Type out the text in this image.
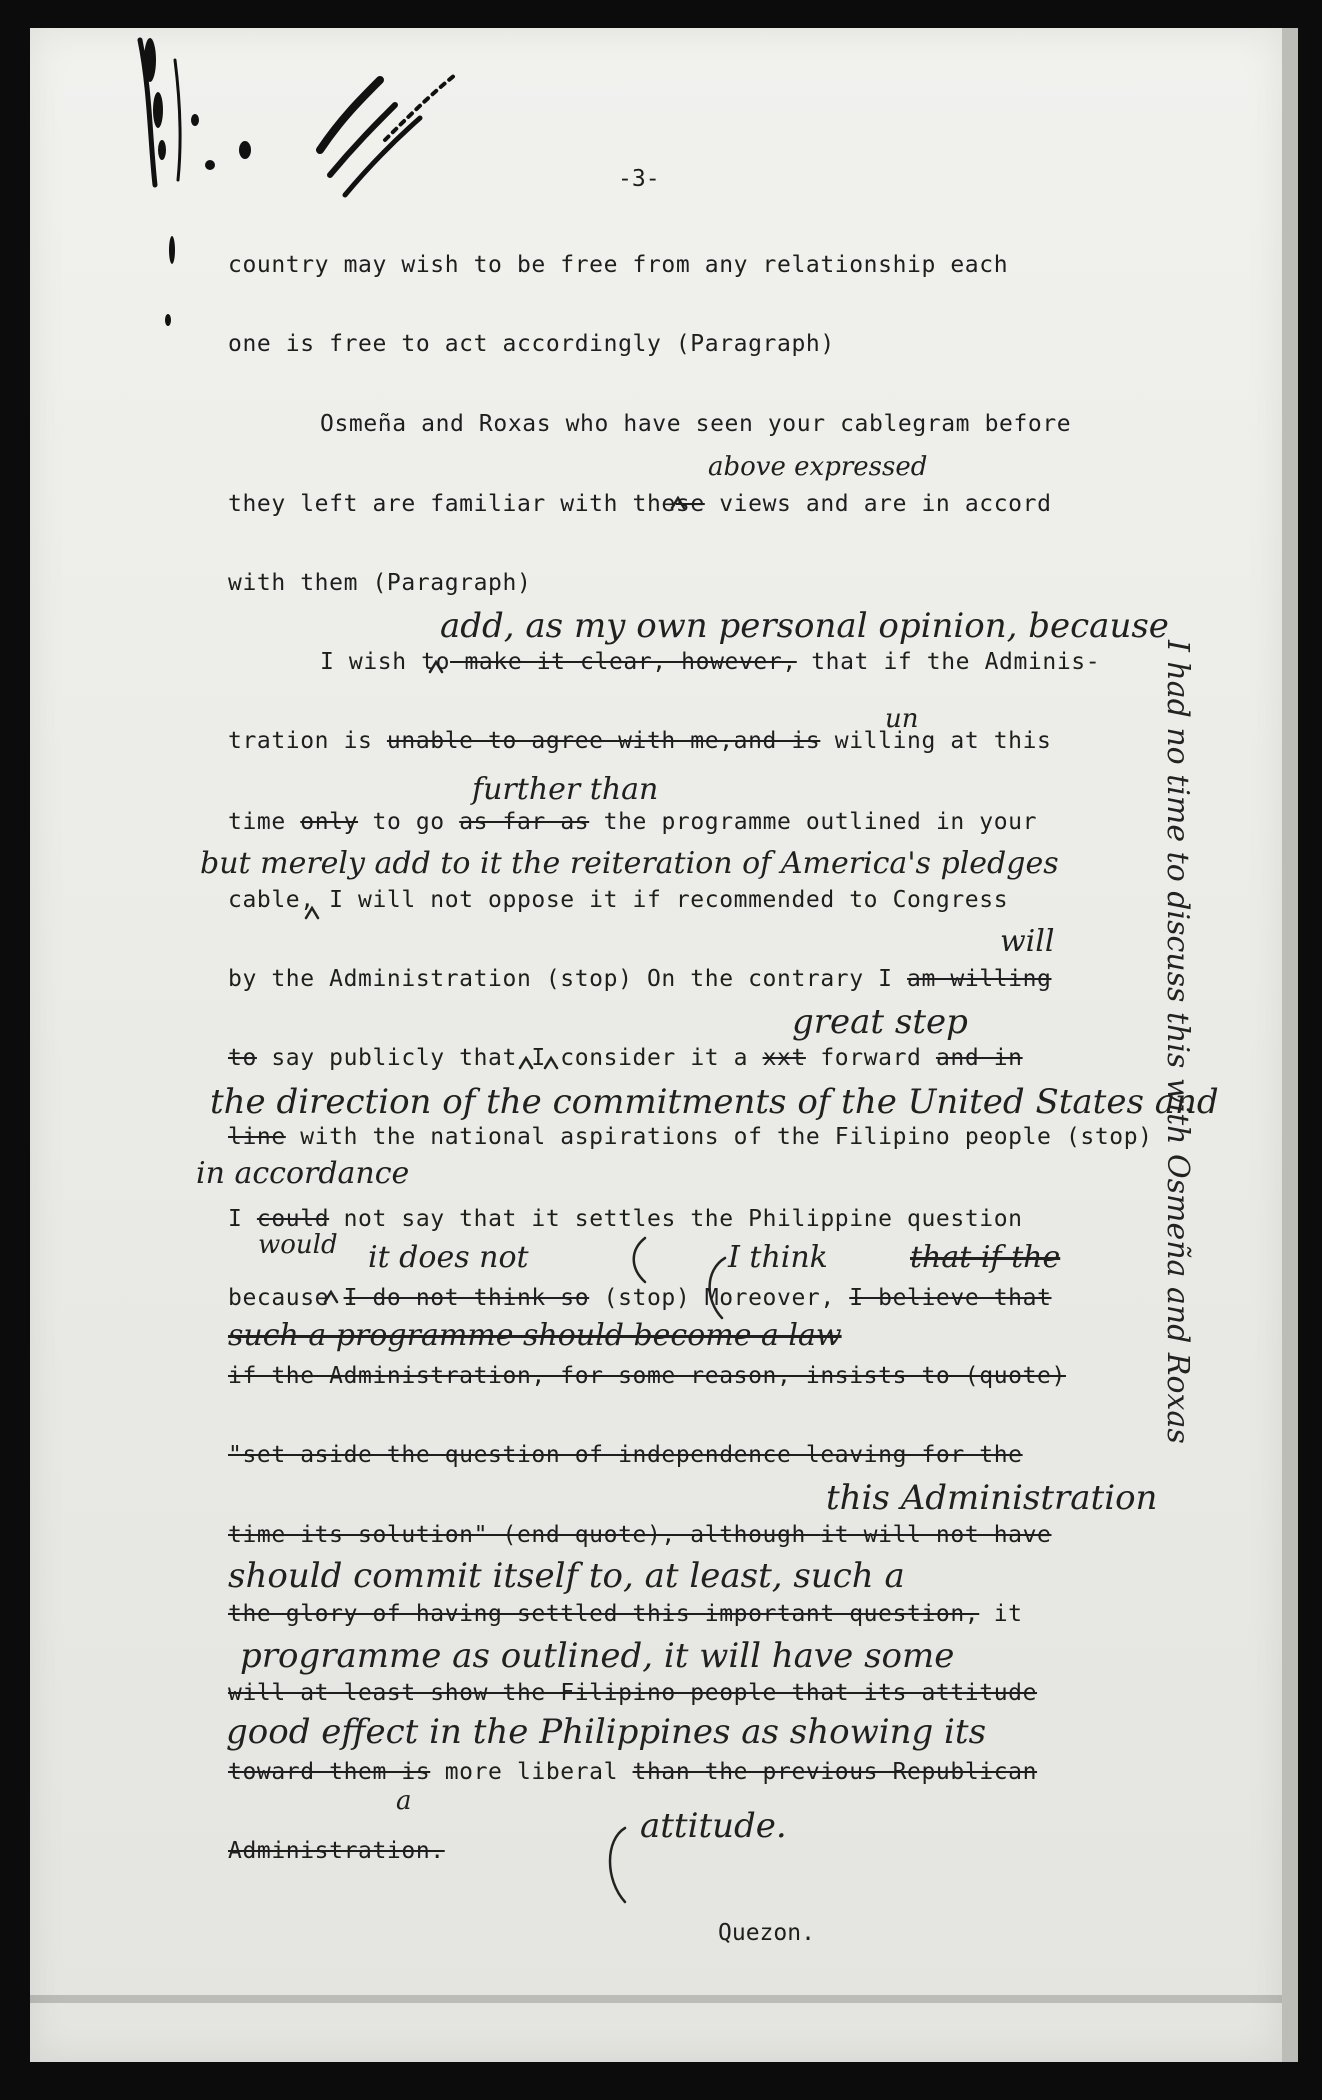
-3-
country may wish to be free from any relationship each
one is free to act accordingly (Paragraph)
Osmeña and Roxas who have seen your cablegram before
they left are familiar with these views and are in accord
with them (Paragraph)
I wish to make it clear, however, that if the Adminis-
tration is unable to agree with me,and is willing at this
time only to go as far as the programme outlined in your
cable, I will not oppose it if recommended to Congress
by the Administration (stop) On the contrary I am willing
to say publicly that I consider it a xxt forward and in
line with the national aspirations of the Filipino people (stop)
I could not say that it settles the Philippine question
because I do not think so (stop) Moreover, I believe that
if the Administration, for some reason, insists to (quote)
"set aside the question of independence leaving for the
time its solution" (end quote), although it will not have
the glory of having settled this important question, it
will at least show the Filipino people that its attitude
toward them is more liberal than the previous Republican
Administration.
above expressed
add, as my own personal opinion, because
un
further than
but merely add to it the reiteration of America's pledges
will
great step
the direction of the commitments of the United States and
in accordance
would it does not	I think	that if the
such a programme should become a law
this Administration
should commit itself to, at least, such a
programme as outlined, it will have some
good effect in the Philippines as showing its
a
attitude.
I had no time to discuss this with Osmeña and Roxas
Quezon.
